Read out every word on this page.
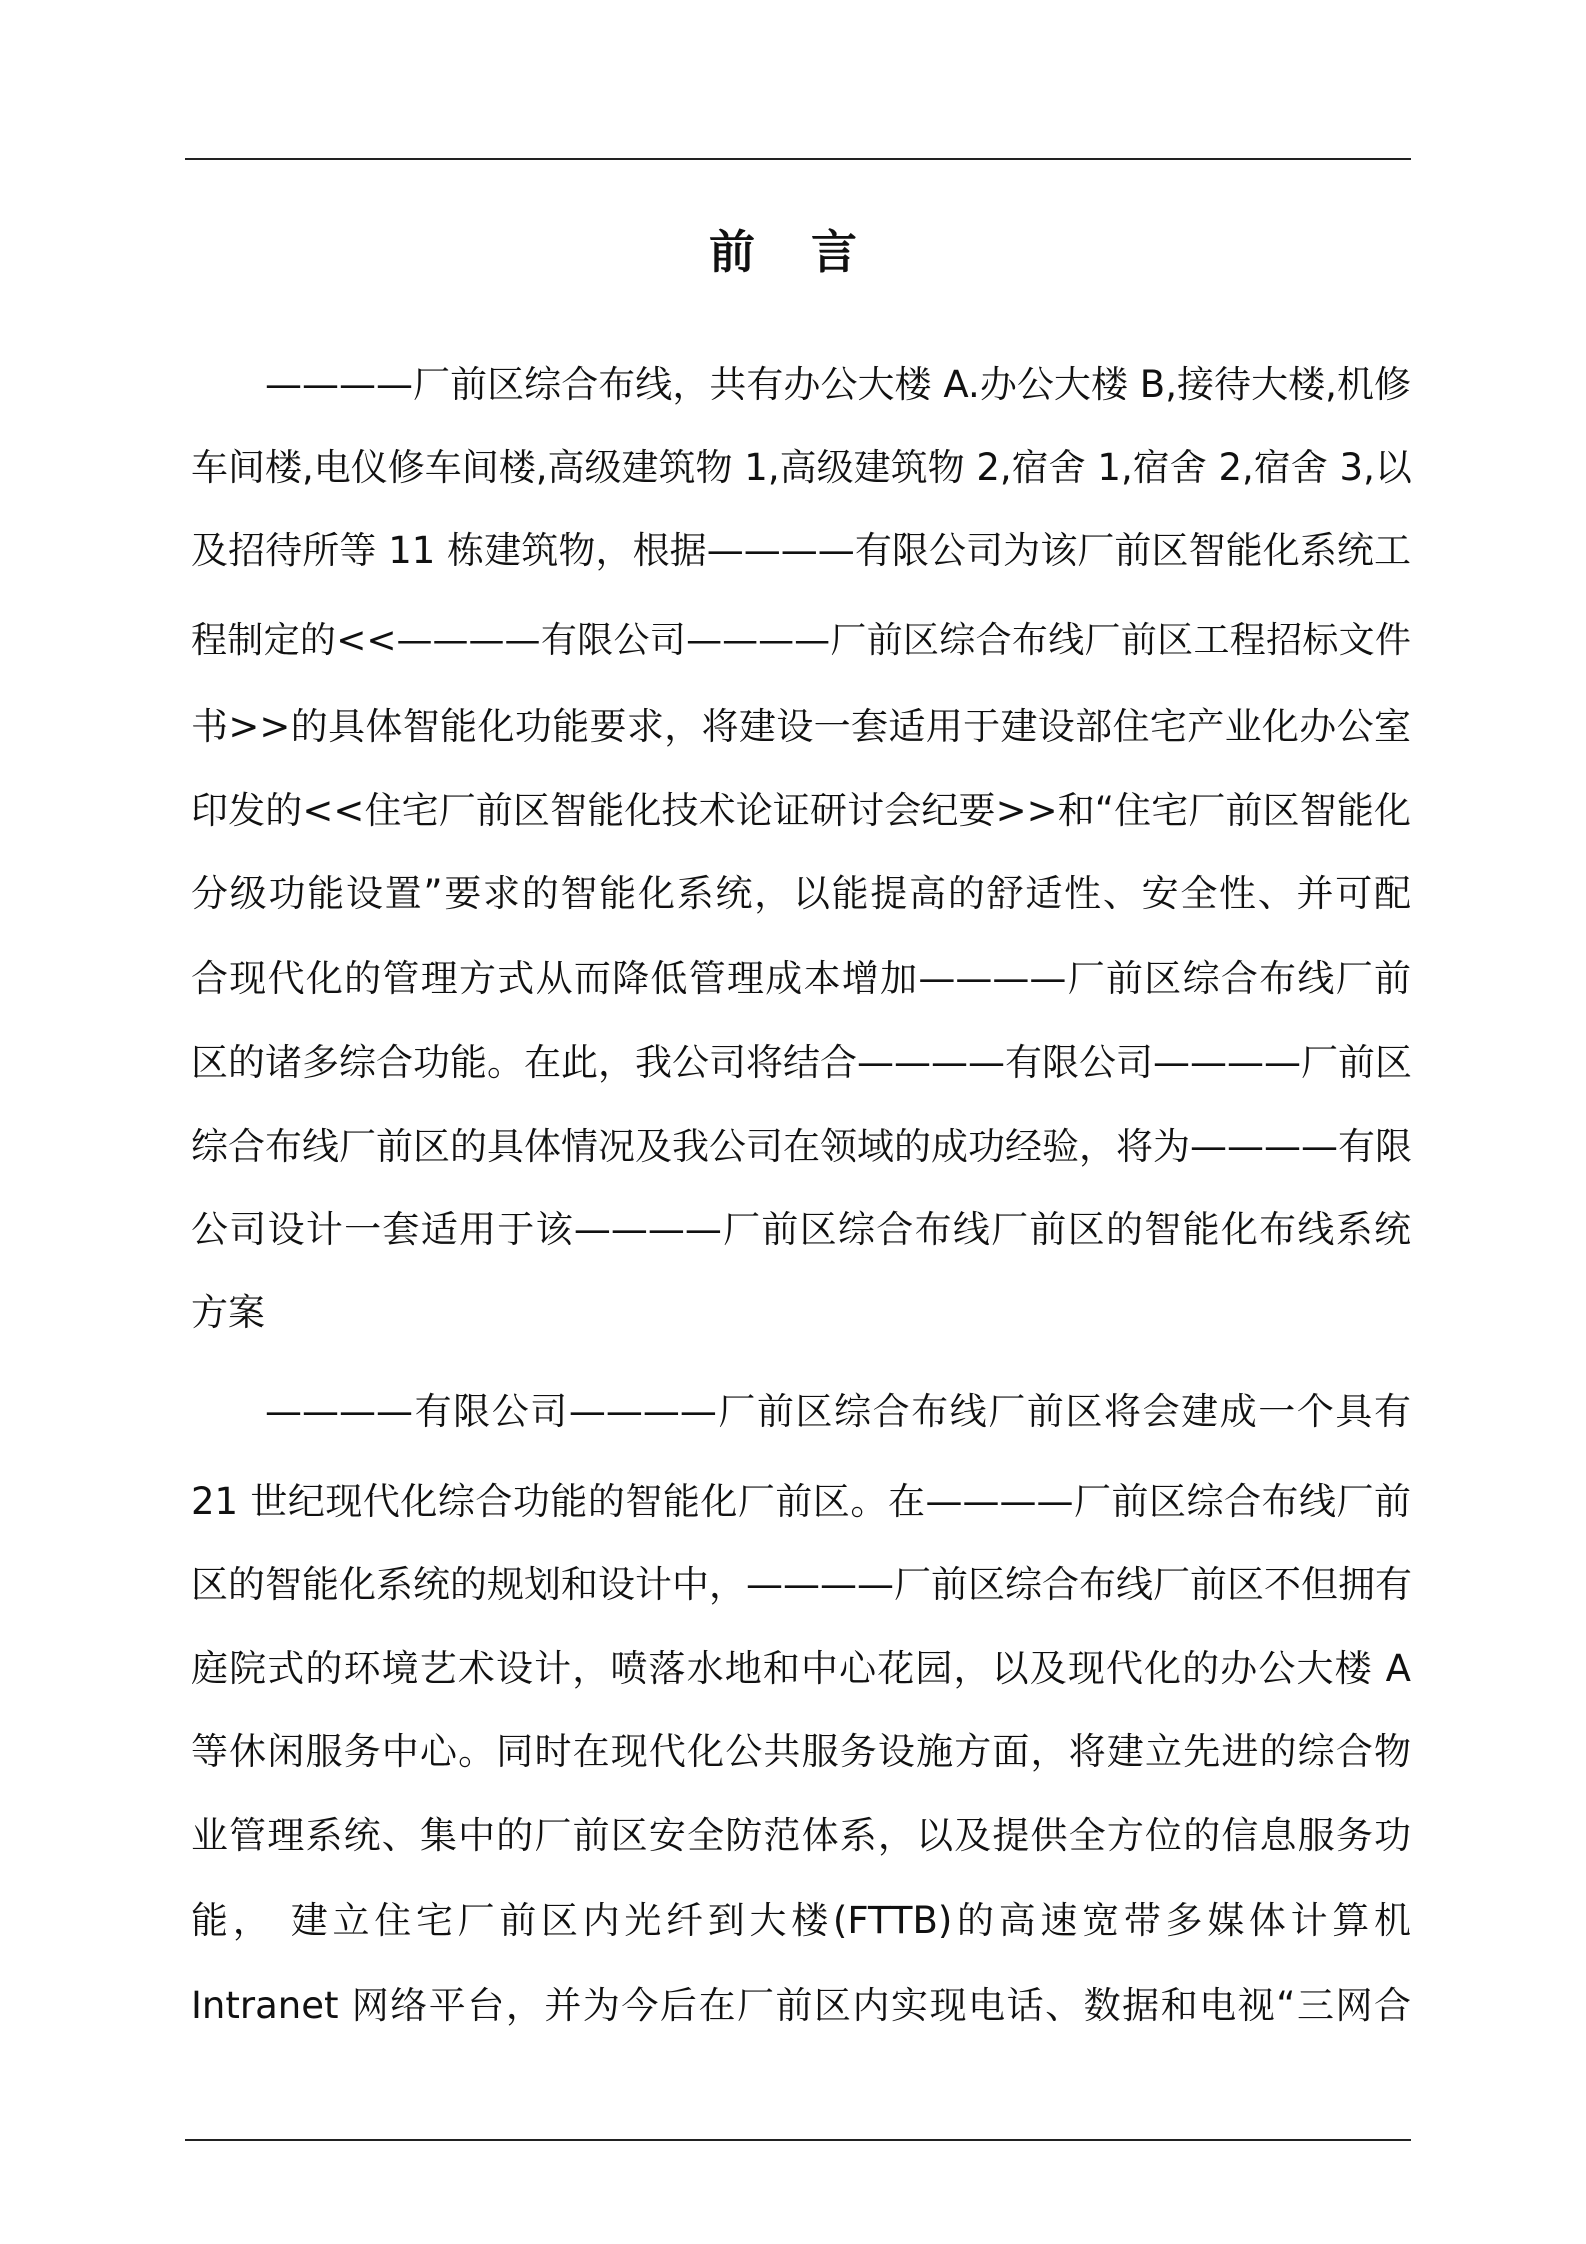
前 言

————厂前区综合布线，共有办公大楼 A.办公大楼 B,接待大楼,机修

车间楼,电仪修车间楼,高级建筑物 1,高级建筑物 2,宿舍 1,宿舍 2,宿舍 3,以

及招待所等 11 栋建筑物，根据————有限公司为该厂前区智能化系统工

程制定的<<————有限公司————厂前区综合布线厂前区工程招标文件

书>>的具体智能化功能要求，将建设一套适用于建设部住宅产业化办公室

印发的<<住宅厂前区智能化技术论证研讨会纪要>>和“住宅厂前区智能化

分级功能设置”要求的智能化系统，以能提高的舒适性、安全性、并可配

合现代化的管理方式从而降低管理成本增加————厂前区综合布线厂前

区的诸多综合功能。在此，我公司将结合————有限公司————厂前区

综合布线厂前区的具体情况及我公司在领域的成功经验，将为————有限

公司设计一套适用于该————厂前区综合布线厂前区的智能化布线系统

方案

————有限公司————厂前区综合布线厂前区将会建成一个具有

21 世纪现代化综合功能的智能化厂前区。在————厂前区综合布线厂前

区的智能化系统的规划和设计中，————厂前区综合布线厂前区不但拥有

庭院式的环境艺术设计，喷落水地和中心花园，以及现代化的办公大楼 A

等休闲服务中心。同时在现代化公共服务设施方面，将建立先进的综合物

业管理系统、集中的厂前区安全防范体系，以及提供全方位的信息服务功

能， 建立住宅厂前区内光纤到大楼(FTTB)的高速宽带多媒体计算机

Intranet 网络平台，并为今后在厂前区内实现电话、数据和电视“三网合
